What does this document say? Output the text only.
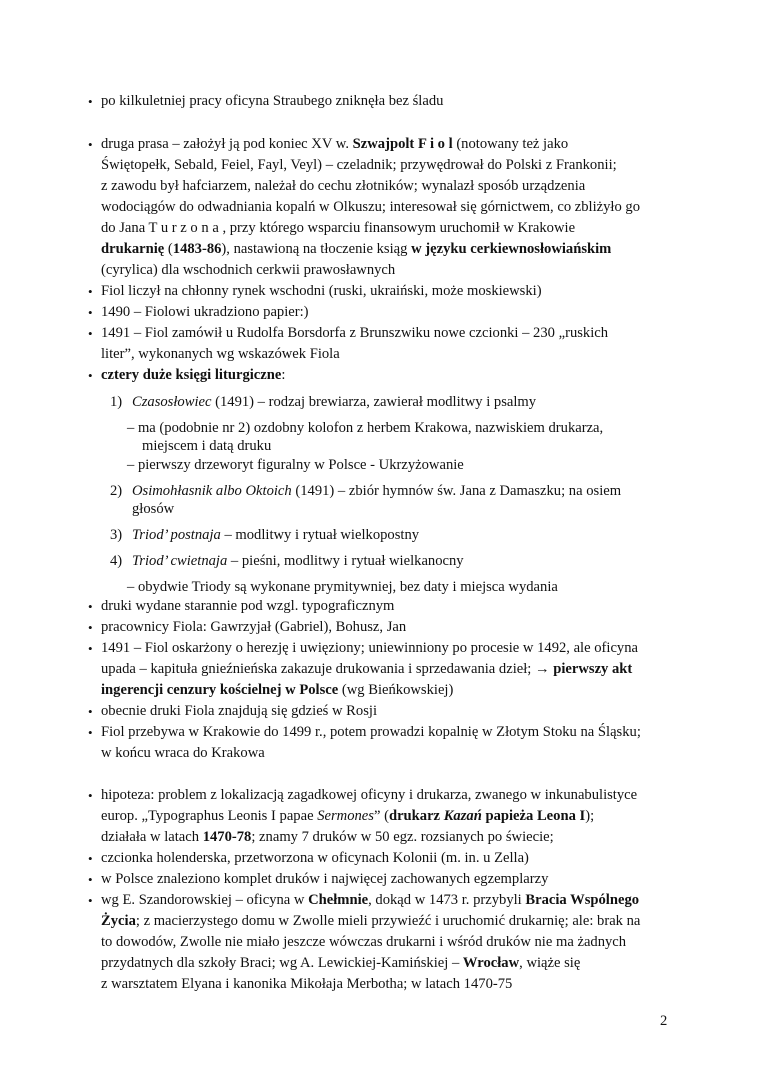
• po kilkuletniej pracy oficyna Straubego zniknęła bez śladu
• druga prasa – założył ją pod koniec XV w. Szwajpolt F i o l (notowany też jako
Świętopełk, Sebald, Feiel, Fayl, Veyl) – czeladnik; przywędrował do Polski z Frankonii;
z zawodu był hafciarzem, należał do cechu złotników; wynalazł sposób urządzenia
wodociągów do odwadniania kopalń w Olkuszu; interesował się górnictwem, co zbliżyło go
do Jana T u r z o n a , przy którego wsparciu finansowym uruchomił w Krakowie
drukarnię (1483-86), nastawioną na tłoczenie ksiąg w języku cerkiewnosłowiańskim
(cyrylica) dla wschodnich cerkwii prawosławnych
• Fiol liczył na chłonny rynek wschodni (ruski, ukraiński, może moskiewski)
• 1490 – Fiolowi ukradziono papier:)
• 1491 – Fiol zamówił u Rudolfa Borsdorfa z Brunszwiku nowe czcionki – 230 „ruskich
liter”, wykonanych wg wskazówek Fiola
• cztery duże księgi liturgiczne:
1) Czasosłowiec (1491) – rodzaj brewiarza, zawierał modlitwy i psalmy
– ma (podobnie nr 2) ozdobny kolofon z herbem Krakowa, nazwiskiem drukarza,
miejscem i datą druku
– pierwszy drzeworyt figuralny w Polsce - Ukrzyżowanie
2) Osimohłasnik albo Oktoich (1491) – zbiór hymnów św. Jana z Damaszku; na osiem
głosów
3) Triod’ postnaja – modlitwy i rytuał wielkopostny
4) Triod’ cwietnaja – pieśni, modlitwy i rytuał wielkanocny
– obydwie Triody są wykonane prymitywniej, bez daty i miejsca wydania
• druki wydane starannie pod wzgl. typograficznym
• pracownicy Fiola: Gawrzyjał (Gabriel), Bohusz, Jan
• 1491 – Fiol oskarżony o herezję i uwięziony; uniewinniony po procesie w 1492, ale oficyna
upada – kapituła gnieźnieńska zakazuje drukowania i sprzedawania dzieł; → pierwszy akt
ingerencji cenzury kościelnej w Polsce (wg Bieńkowskiej)
• obecnie druki Fiola znajdują się gdzieś w Rosji
• Fiol przebywa w Krakowie do 1499 r., potem prowadzi kopalnię w Złotym Stoku na Śląsku;
w końcu wraca do Krakowa
• hipoteza: problem z lokalizacją zagadkowej oficyny i drukarza, zwanego w inkunabulistyce
europ. „Typographus Leonis I papae Sermones” (drukarz Kazań papieża Leona I);
działała w latach 1470-78; znamy 7 druków w 50 egz. rozsianych po świecie;
• czcionka holenderska, przetworzona w oficynach Kolonii (m. in. u Zella)
• w Polsce znaleziono komplet druków i najwięcej zachowanych egzemplarzy
• wg E. Szandorowskiej – oficyna w Chełmnie, dokąd w 1473 r. przybyli Bracia Wspólnego
Życia; z macierzystego domu w Zwolle mieli przywieźć i uruchomić drukarnię; ale: brak na
to dowodów, Zwolle nie miało jeszcze wówczas drukarni i wśród druków nie ma żadnych
przydatnych dla szkoły Braci; wg A. Lewickiej-Kamińskiej – Wrocław, wiąże się
z warsztatem Elyana i kanonika Mikołaja Merbotha; w latach 1470-75
2
